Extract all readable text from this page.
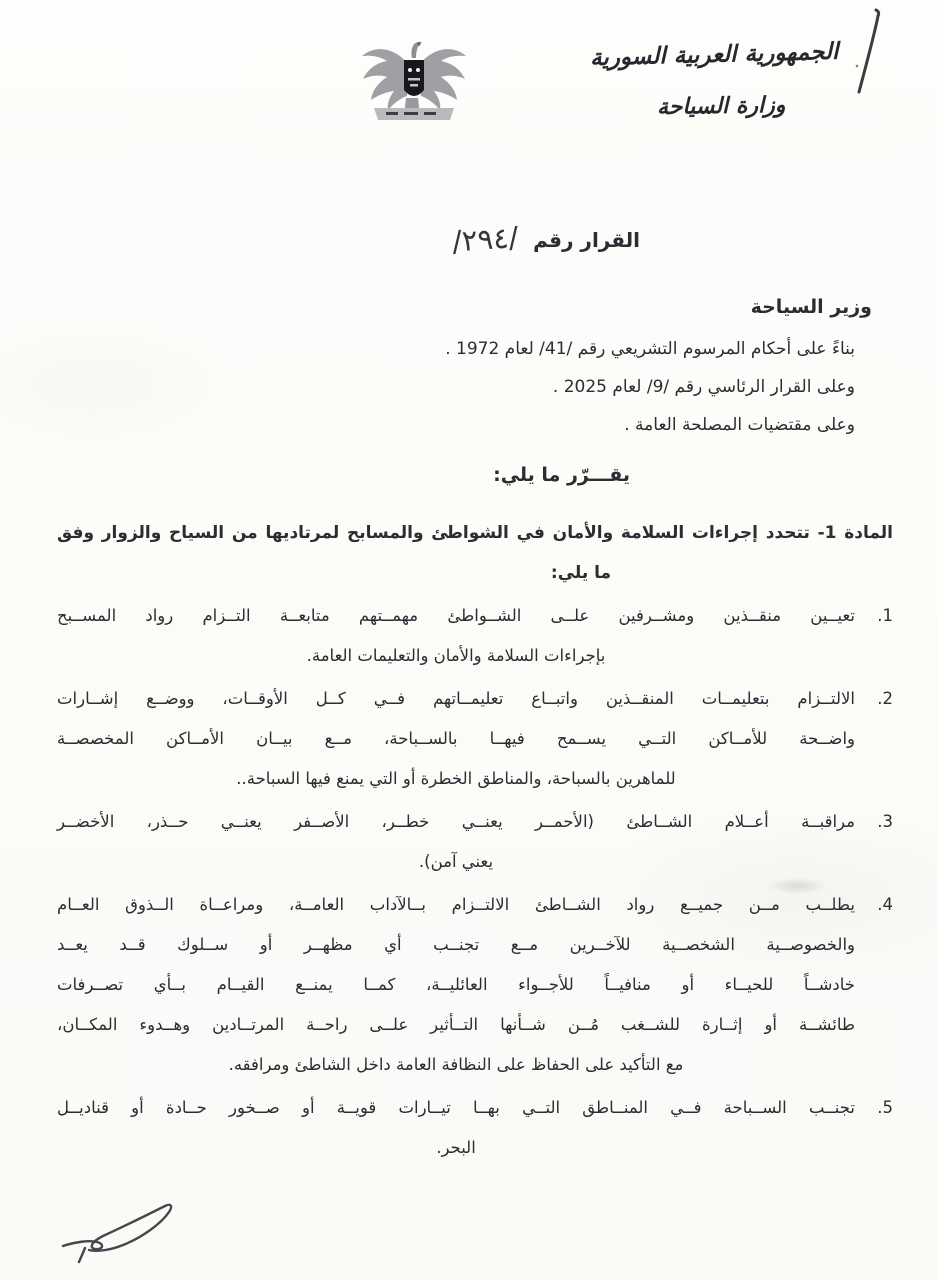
الجمهورية العربية السورية
وزارة السياحة
القرار رقم /٢٩٤/
وزير السياحة
بناءً على أحكام المرسوم التشريعي رقم /41/ لعام 1972 .
وعلى القرار الرئاسي رقم /9/ لعام 2025 .
وعلى مقتضيات المصلحة العامة .
يقـــرّر ما يلي:
المادة 1- تتحدد إجراءات السلامة والأمان في الشواطئ والمسابح لمرتاديها من السياح والزوار وفق
ما يلي:
1.
تعيــين منقــذين ومشــرفين علــى الشــواطئ مهمــتهم متابعــة التــزام رواد المســبح
بإجراءات السلامة والأمان والتعليمات العامة.
2.
الالتــزام بتعليمــات المنقــذين واتبــاع تعليمــاتهم فــي كــل الأوقــات، ووضــع إشــارات
واضــحة للأمــاكن التــي يســمح فيهــا بالســباحة، مــع بيــان الأمــاكن المخصصــة
للماهرين بالسباحة، والمناطق الخطرة أو التي يمنع فيها السباحة..
3.
مراقبــة أعــلام الشــاطئ (الأحمــر يعنــي خطــر، الأصــفر يعنــي حــذر، الأخضــر
يعني آمن).
4.
يطلــب مــن جميــع رواد الشــاطئ الالتــزام بــالآداب العامــة، ومراعــاة الــذوق العــام
والخصوصــية الشخصــية للآخــرين مــع تجنــب أي مظهــر أو ســلوك قــد يعــد
خادشــاً للحيــاء أو منافيــاً للأجــواء العائليــة، كمــا يمنــع القيــام بــأي تصــرفات
طائشــة أو إثــارة للشــغب مُــن شــأنها التــأثير علــى راحــة المرتــادين وهــدوء المكــان،
مع التأكيد على الحفاظ على النظافة العامة داخل الشاطئ ومرافقه.
5.
تجنــب الســباحة فــي المنــاطق التــي بهــا تيــارات قويــة أو صــخور حــادة أو قناديــل
البحر.
